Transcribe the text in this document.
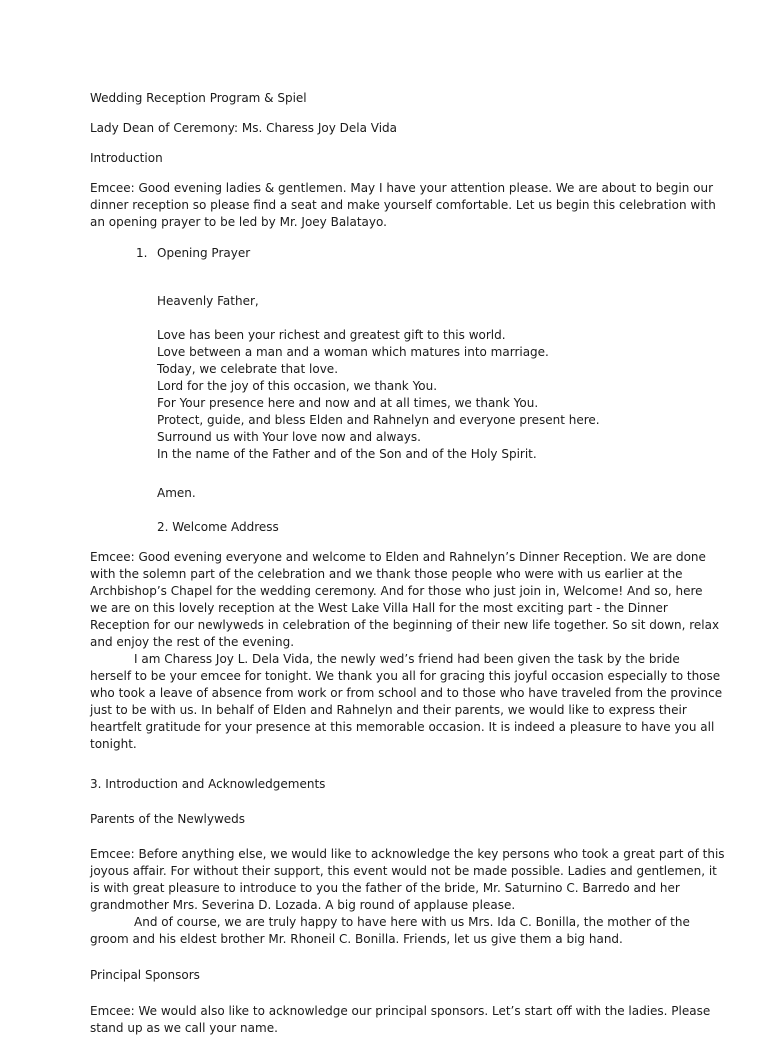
Wedding Reception Program & Spiel
Lady Dean of Ceremony: Ms. Charess Joy Dela Vida
Introduction
Emcee: Good evening ladies & gentlemen. May I have your attention please. We are about to begin our
dinner reception so please find a seat and make yourself comfortable. Let us begin this celebration with
an opening prayer to be led by Mr. Joey Balatayo.
1. Opening Prayer
Heavenly Father,
Love has been your richest and greatest gift to this world.
Love between a man and a woman which matures into marriage.
Today, we celebrate that love.
Lord for the joy of this occasion, we thank You.
For Your presence here and now and at all times, we thank You.
Protect, guide, and bless Elden and Rahnelyn and everyone present here.
Surround us with Your love now and always.
In the name of the Father and of the Son and of the Holy Spirit.
Amen.
2. Welcome Address
Emcee: Good evening everyone and welcome to Elden and Rahnelyn’s Dinner Reception. We are done
with the solemn part of the celebration and we thank those people who were with us earlier at the
Archbishop’s Chapel for the wedding ceremony. And for those who just join in, Welcome! And so, here
we are on this lovely reception at the West Lake Villa Hall for the most exciting part - the Dinner
Reception for our newlyweds in celebration of the beginning of their new life together. So sit down, relax
and enjoy the rest of the evening.
I am Charess Joy L. Dela Vida, the newly wed’s friend had been given the task by the bride
herself to be your emcee for tonight. We thank you all for gracing this joyful occasion especially to those
who took a leave of absence from work or from school and to those who have traveled from the province
just to be with us. In behalf of Elden and Rahnelyn and their parents, we would like to express their
heartfelt gratitude for your presence at this memorable occasion. It is indeed a pleasure to have you all
tonight.
3. Introduction and Acknowledgements
Parents of the Newlyweds
Emcee: Before anything else, we would like to acknowledge the key persons who took a great part of this
joyous affair. For without their support, this event would not be made possible. Ladies and gentlemen, it
is with great pleasure to introduce to you the father of the bride, Mr. Saturnino C. Barredo and her
grandmother Mrs. Severina D. Lozada. A big round of applause please.
And of course, we are truly happy to have here with us Mrs. Ida C. Bonilla, the mother of the
groom and his eldest brother Mr. Rhoneil C. Bonilla. Friends, let us give them a big hand.
Principal Sponsors
Emcee: We would also like to acknowledge our principal sponsors. Let’s start off with the ladies. Please
stand up as we call your name.
